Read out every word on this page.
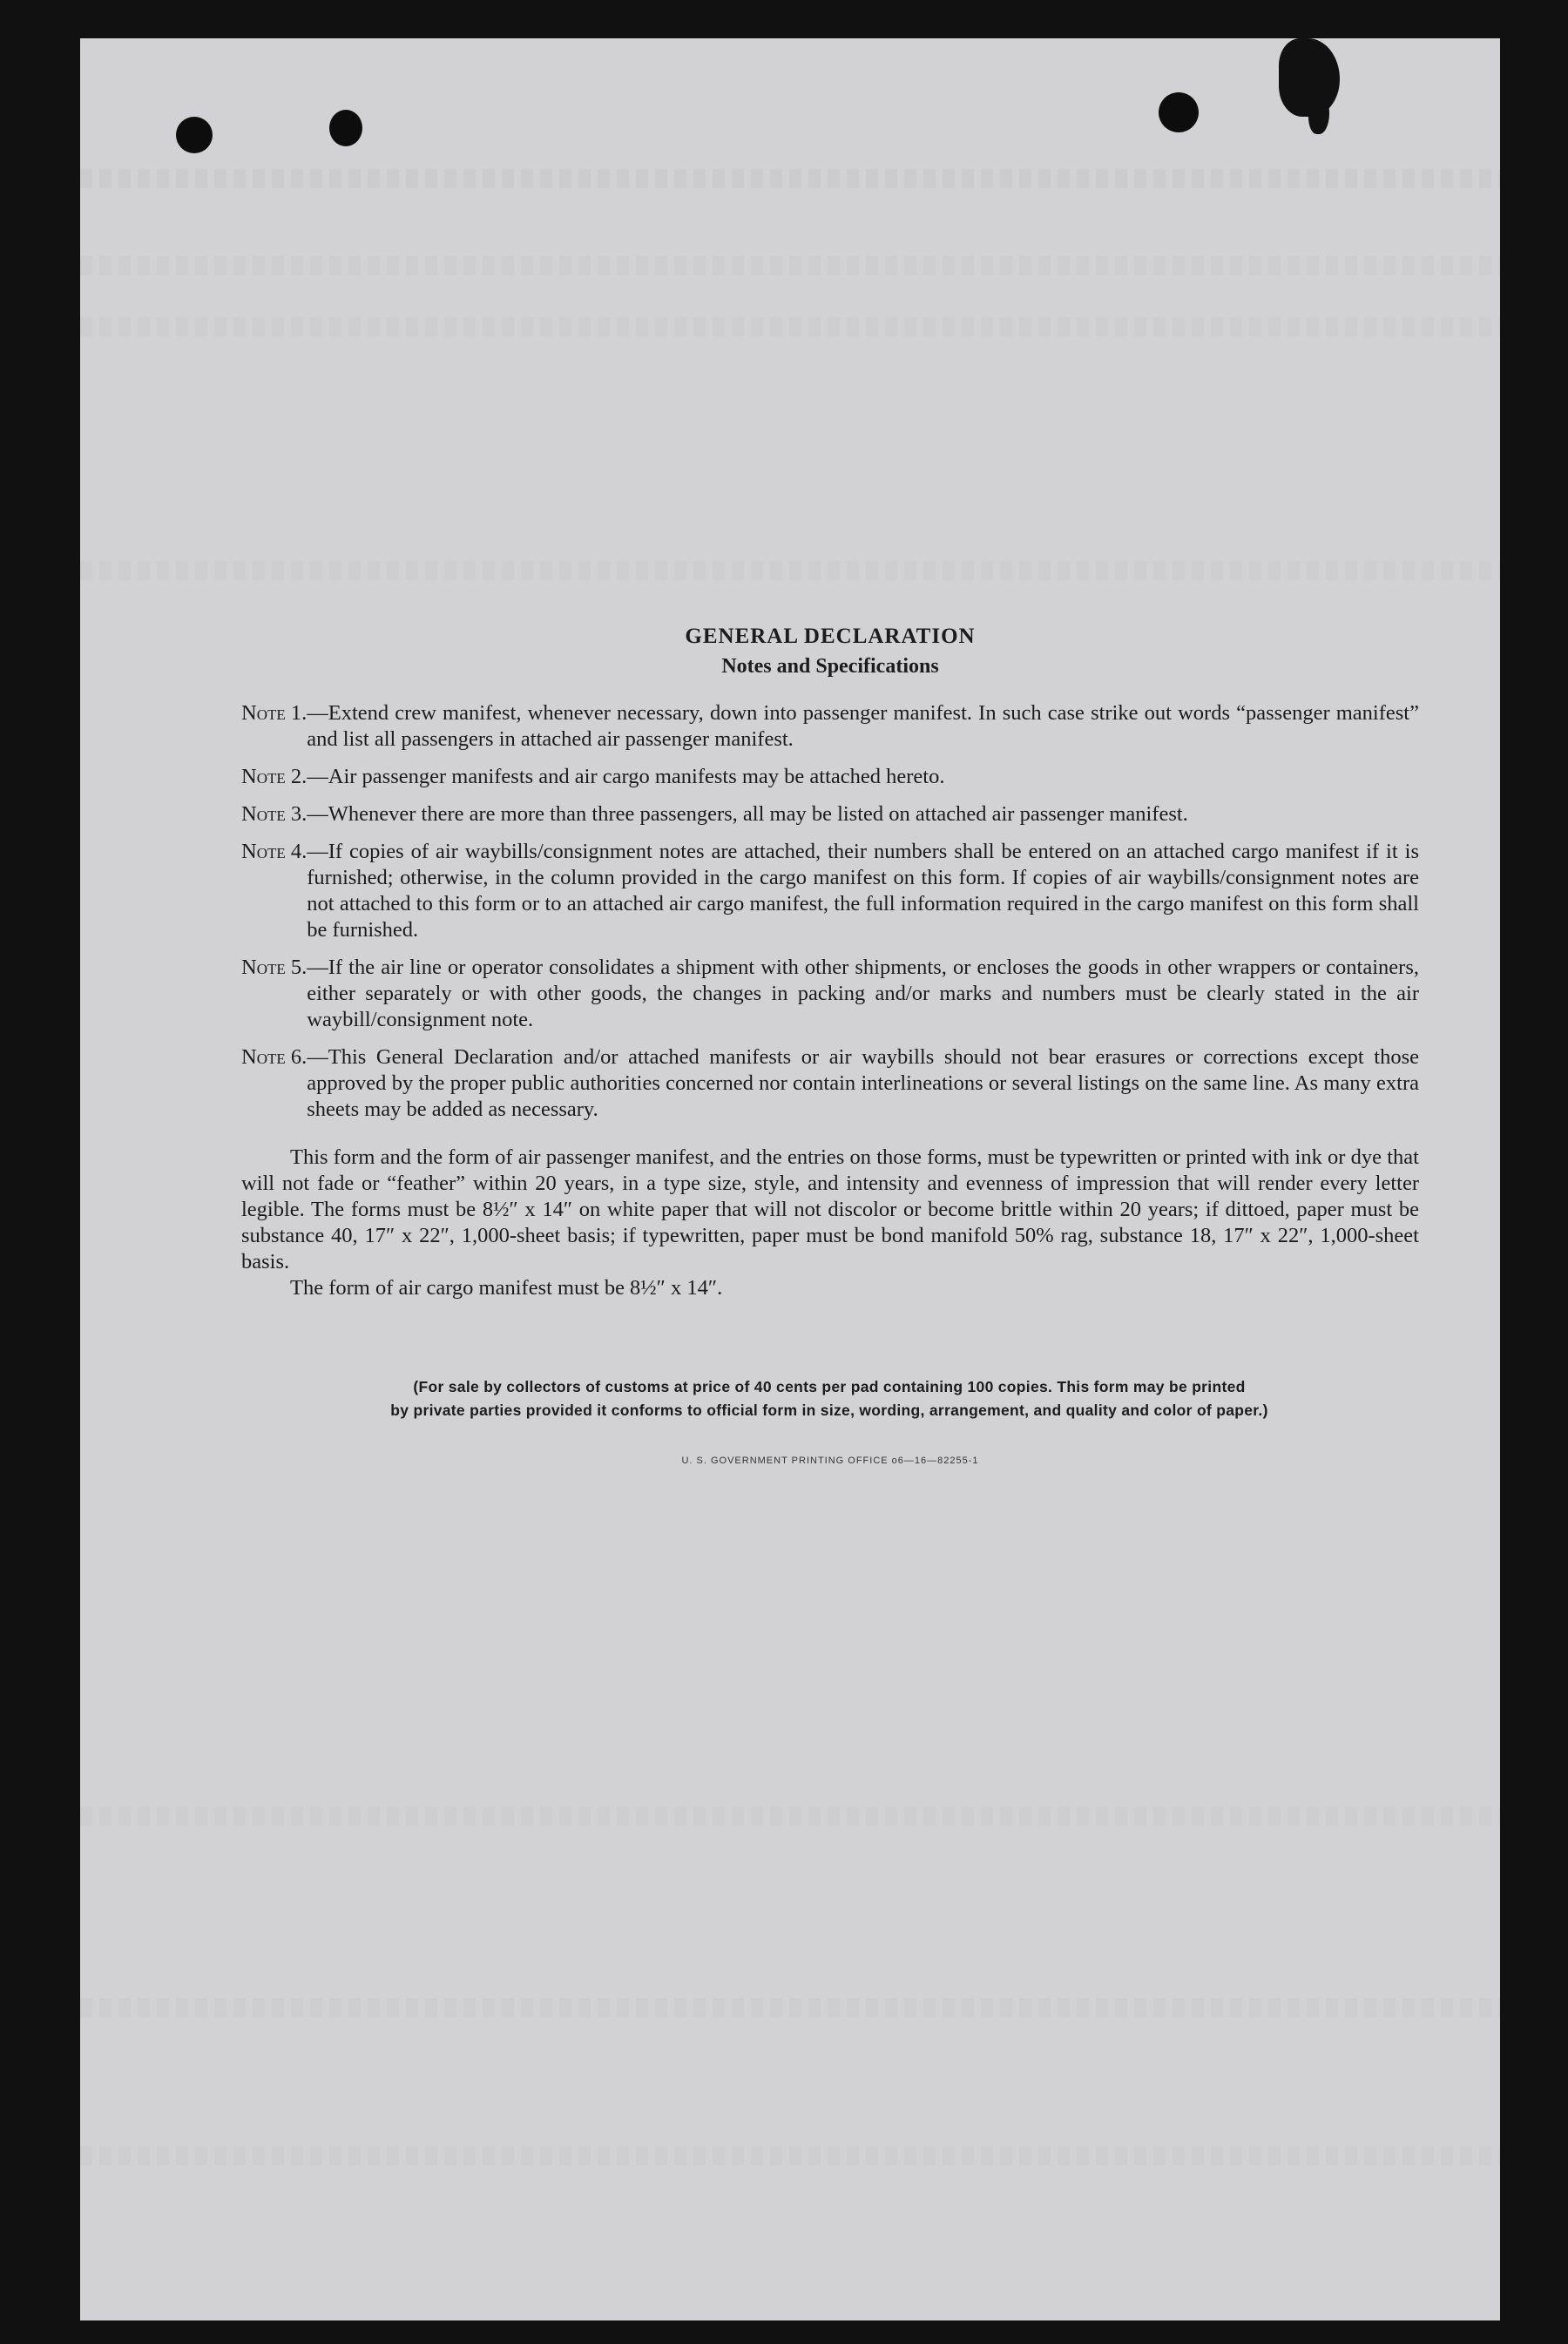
GENERAL DECLARATION
Notes and Specifications
Note 1. —Extend crew manifest, whenever necessary, down into passenger manifest. In such case strike out words “passenger manifest” and list all passengers in attached air passenger manifest.
Note 2. —Air passenger manifests and air cargo manifests may be attached hereto.
Note 3. —Whenever there are more than three passengers, all may be listed on attached air passenger manifest.
Note 4. —If copies of air waybills/consignment notes are attached, their numbers shall be entered on an attached cargo manifest if it is furnished; otherwise, in the column provided in the cargo manifest on this form. If copies of air waybills/consignment notes are not attached to this form or to an attached air cargo manifest, the full information required in the cargo manifest on this form shall be furnished.
Note 5. —If the air line or operator consolidates a shipment with other shipments, or encloses the goods in other wrappers or containers, either separately or with other goods, the changes in packing and/or marks and numbers must be clearly stated in the air waybill/consignment note.
Note 6. —This General Declaration and/or attached manifests or air waybills should not bear erasures or corrections except those approved by the proper public authorities concerned nor contain interlineations or several listings on the same line. As many extra sheets may be added as necessary.

This form and the form of air passenger manifest, and the entries on those forms, must be typewritten or printed with ink or dye that will not fade or “feather” within 20 years, in a type size, style, and intensity and evenness of impression that will render every letter legible. The forms must be 8½″ x 14″ on white paper that will not discolor or become brittle within 20 years; if dittoed, paper must be substance 40, 17″ x 22″, 1,000-sheet basis; if typewritten, paper must be bond manifold 50% rag, substance 18, 17″ x 22″, 1,000-sheet basis.

The form of air cargo manifest must be 8½″ x 14″.

(For sale by collectors of customs at price of 40 cents per pad containing 100 copies. This form may be printed
by private parties provided it conforms to official form in size, wording, arrangement, and quality and color of paper.)
U. S. GOVERNMENT PRINTING OFFICE o6—16—82255-1
